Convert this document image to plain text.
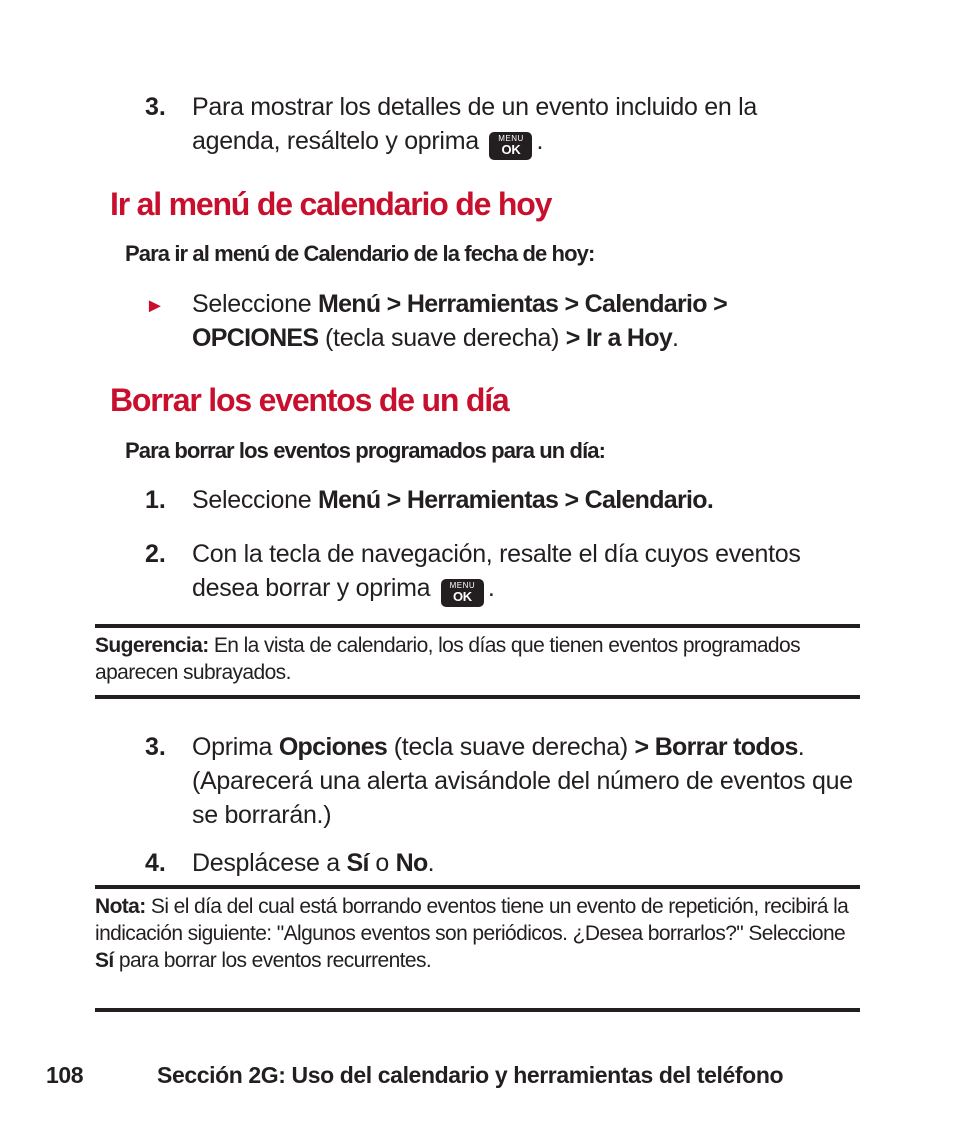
3. Para mostrar los detalles de un evento incluido en la
agenda, resáltelo y oprima	MENU
OK .
Ir al menú de calendario de hoy
Para ir al menú de Calendario de la fecha de hoy:
► Seleccione Menú > Herramientas > Calendario >
OPCIONES (tecla suave derecha) > Ir a Hoy.
Borrar los eventos de un día
Para borrar los eventos programados para un día:
1. Seleccione Menú > Herramientas > Calendario.
2. Con la tecla de navegación, resalte el día cuyos eventos
desea borrar y oprima	MENU
OK .
Sugerencia: En la vista de calendario, los días que tienen eventos programados aparecen subrayados.
3. Oprima Opciones (tecla suave derecha) > Borrar todos. (Aparecerá una alerta avisándole del número de eventos que se borrarán.)
4. Desplácese a Sí o No.
Nota: Si el día del cual está borrando eventos tiene un evento de repetición, recibirá la indicación siguiente: "Algunos eventos son periódicos. ¿Desea borrarlos?" Seleccione Sí para borrar los eventos recurrentes.
108	Sección 2G: Uso del calendario y herramientas del teléfono
